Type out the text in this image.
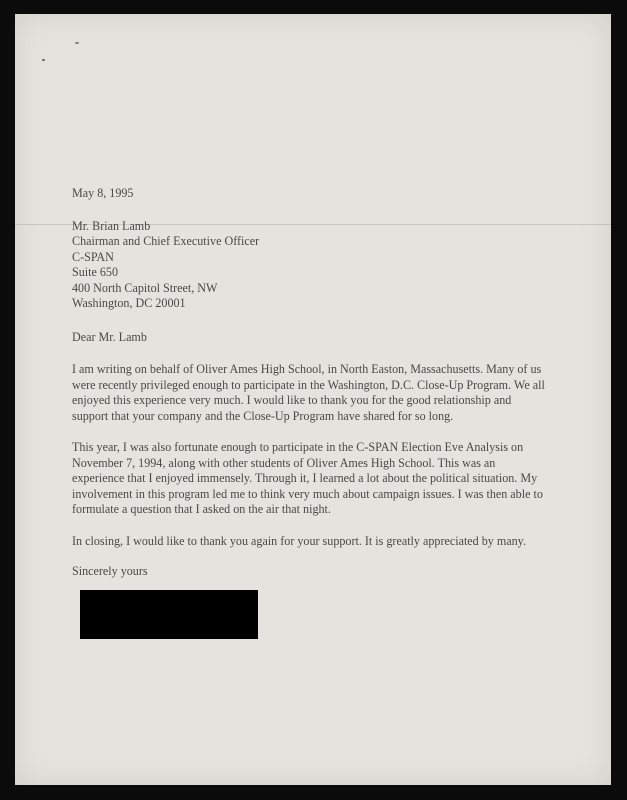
May 8, 1995
Mr. Brian Lamb
Chairman and Chief Executive Officer
C-SPAN
Suite 650
400 North Capitol Street, NW
Washington, DC 20001
Dear Mr. Lamb
I am writing on behalf of Oliver Ames High School, in North Easton, Massachusetts. Many of us were recently privileged enough to participate in the Washington, D.C. Close-Up Program. We all enjoyed this experience very much. I would like to thank you for the good relationship and support that your company and the Close-Up Program have shared for so long.
This year, I was also fortunate enough to participate in the C-SPAN Election Eve Analysis on November 7, 1994, along with other students of Oliver Ames High School. This was an experience that I enjoyed immensely. Through it, I learned a lot about the political situation. My involvement in this program led me to think very much about campaign issues. I was then able to formulate a question that I asked on the air that night.
In closing, I would like to thank you again for your support. It is greatly appreciated by many.
Sincerely yours
